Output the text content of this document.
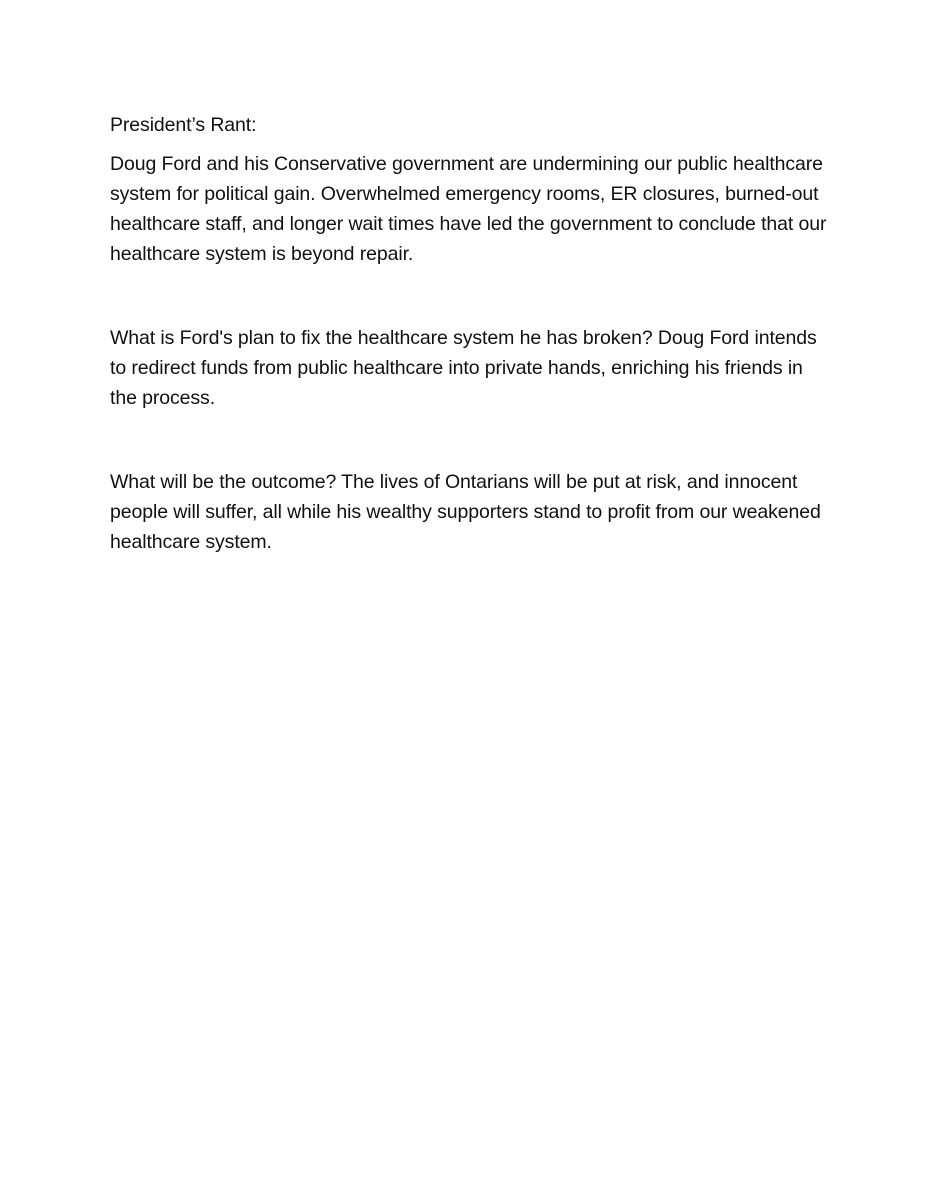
President’s Rant:

Doug Ford and his Conservative government are undermining our public healthcare system for political gain. Overwhelmed emergency rooms, ER closures, burned-out healthcare staff, and longer wait times have led the government to conclude that our healthcare system is beyond repair.

What is Ford's plan to fix the healthcare system he has broken? Doug Ford intends to redirect funds from public healthcare into private hands, enriching his friends in the process.

What will be the outcome? The lives of Ontarians will be put at risk, and innocent people will suffer, all while his wealthy supporters stand to profit from our weakened healthcare system.
